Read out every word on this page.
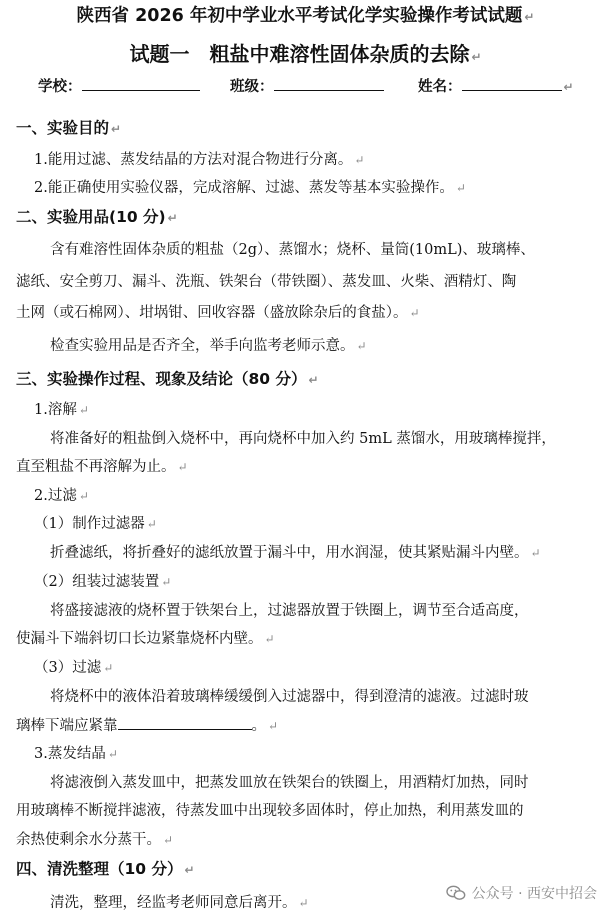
陕西省 2026 年初中学业水平考试化学实验操作考试试题 ↵
试题一　粗盐中难溶性固体杂质的去除 ↵
学校：	班级：	姓名：	↵
一、实验目的 ↵
1.能用过滤、蒸发结晶的方法对混合物进行分离。 ↵
2.能正确使用实验仪器，完成溶解、过滤、蒸发等基本实验操作。 ↵
二、实验用品(10 分) ↵
含有难溶性固体杂质的粗盐（2g）、蒸馏水；烧杯、量筒(10mL)、玻璃棒、
滤纸、安全剪刀、漏斗、洗瓶、铁架台（带铁圈）、蒸发皿、火柴、酒精灯、陶
土网（或石棉网）、坩埚钳、回收容器（盛放除杂后的食盐）。 ↵
检查实验用品是否齐全，举手向监考老师示意。 ↵
三、实验操作过程、现象及结论（80 分） ↵
1.溶解 ↵
将准备好的粗盐倒入烧杯中，再向烧杯中加入约 5mL 蒸馏水，用玻璃棒搅拌，
直至粗盐不再溶解为止。 ↵
2.过滤 ↵
（1）制作过滤器 ↵
折叠滤纸，将折叠好的滤纸放置于漏斗中，用水润湿，使其紧贴漏斗内壁。 ↵
（2）组装过滤装置 ↵
将盛接滤液的烧杯置于铁架台上，过滤器放置于铁圈上，调节至合适高度，
使漏斗下端斜切口长边紧靠烧杯内壁。 ↵
（3）过滤 ↵
将烧杯中的液体沿着玻璃棒缓缓倒入过滤器中，得到澄清的滤液。过滤时玻
璃棒下端应紧靠	。 ↵
3.蒸发结晶 ↵
将滤液倒入蒸发皿中，把蒸发皿放在铁架台的铁圈上，用酒精灯加热，同时
用玻璃棒不断搅拌滤液，待蒸发皿中出现较多固体时，停止加热，利用蒸发皿的
余热使剩余水分蒸干。 ↵
四、清洗整理（10 分） ↵
清洗，整理，经监考老师同意后离开。 ↵
公众号 · 西安中招会
